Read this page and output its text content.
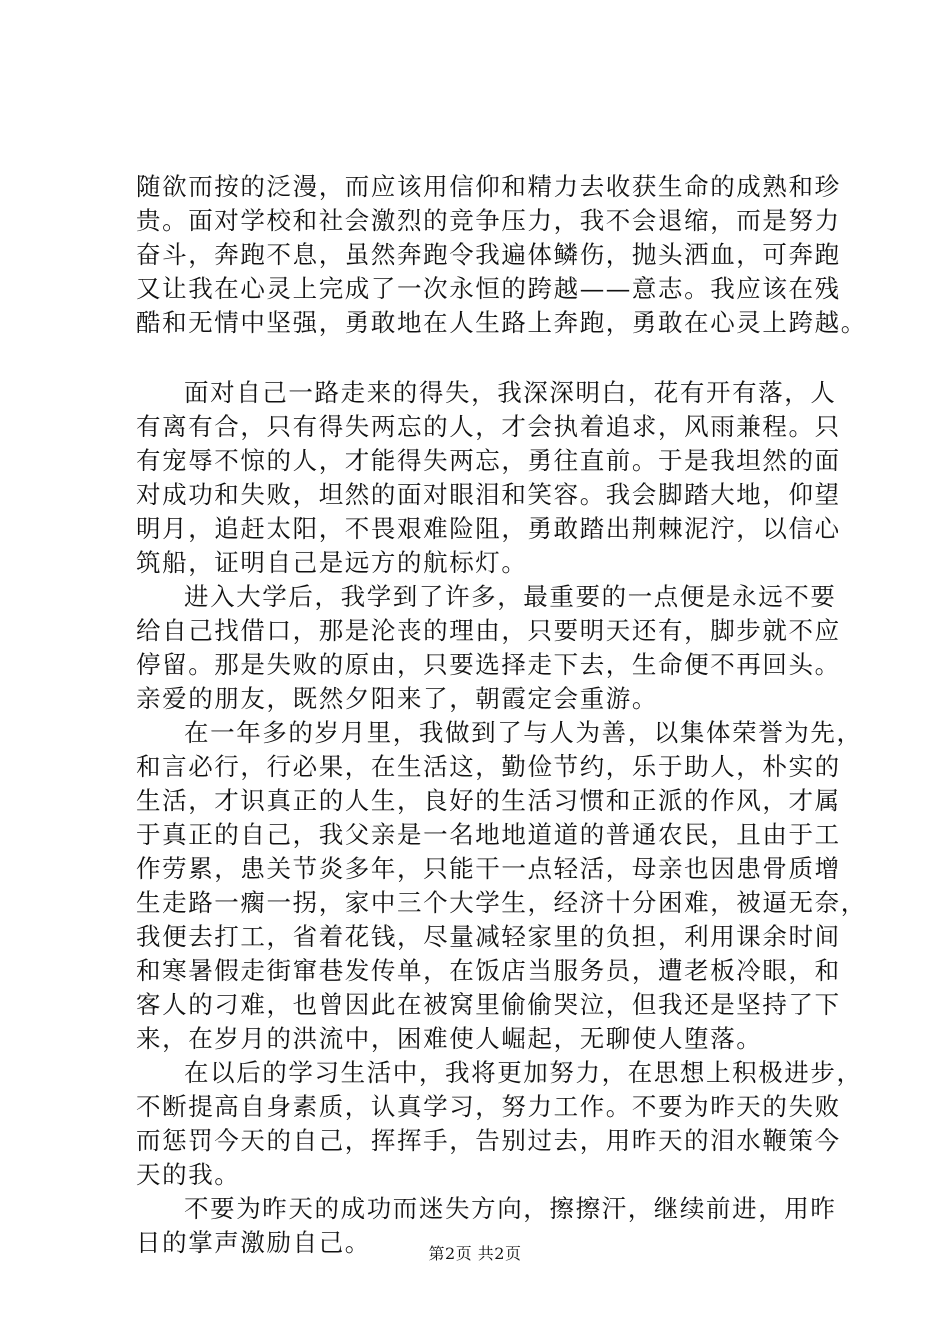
随欲而按的泛漫，而应该用信仰和精力去收获生命的成熟和珍
贵。面对学校和社会激烈的竞争压力，我不会退缩，而是努力
奋斗，奔跑不息，虽然奔跑令我遍体鳞伤，抛头洒血，可奔跑
又让我在心灵上完成了一次永恒的跨越——意志。我应该在残
酷和无情中坚强，勇敢地在人生路上奔跑，勇敢在心灵上跨越。
面对自己一路走来的得失，我深深明白，花有开有落，人
有离有合，只有得失两忘的人，才会执着追求，风雨兼程。只
有宠辱不惊的人，才能得失两忘，勇往直前。于是我坦然的面
对成功和失败，坦然的面对眼泪和笑容。我会脚踏大地，仰望
明月，追赶太阳，不畏艰难险阻，勇敢踏出荆棘泥泞，以信心
筑船，证明自己是远方的航标灯。
进入大学后，我学到了许多，最重要的一点便是永远不要
给自己找借口，那是沦丧的理由，只要明天还有，脚步就不应
停留。那是失败的原由，只要选择走下去，生命便不再回头。
亲爱的朋友，既然夕阳来了，朝霞定会重游。
在一年多的岁月里，我做到了与人为善，以集体荣誉为先，
和言必行，行必果，在生活这，勤俭节约，乐于助人，朴实的
生活，才识真正的人生，良好的生活习惯和正派的作风，才属
于真正的自己，我父亲是一名地地道道的普通农民，且由于工
作劳累，患关节炎多年，只能干一点轻活，母亲也因患骨质增
生走路一瘸一拐，家中三个大学生，经济十分困难，被逼无奈，
我便去打工，省着花钱，尽量减轻家里的负担，利用课余时间
和寒暑假走街窜巷发传单，在饭店当服务员，遭老板冷眼，和
客人的刁难，也曾因此在被窝里偷偷哭泣，但我还是坚持了下
来，在岁月的洪流中，困难使人崛起，无聊使人堕落。
在以后的学习生活中，我将更加努力，在思想上积极进步，
不断提高自身素质，认真学习，努力工作。不要为昨天的失败
而惩罚今天的自己，挥挥手，告别过去，用昨天的泪水鞭策今
天的我。
不要为昨天的成功而迷失方向，擦擦汗，继续前进，用昨
日的掌声激励自己。	第2页 共2页
